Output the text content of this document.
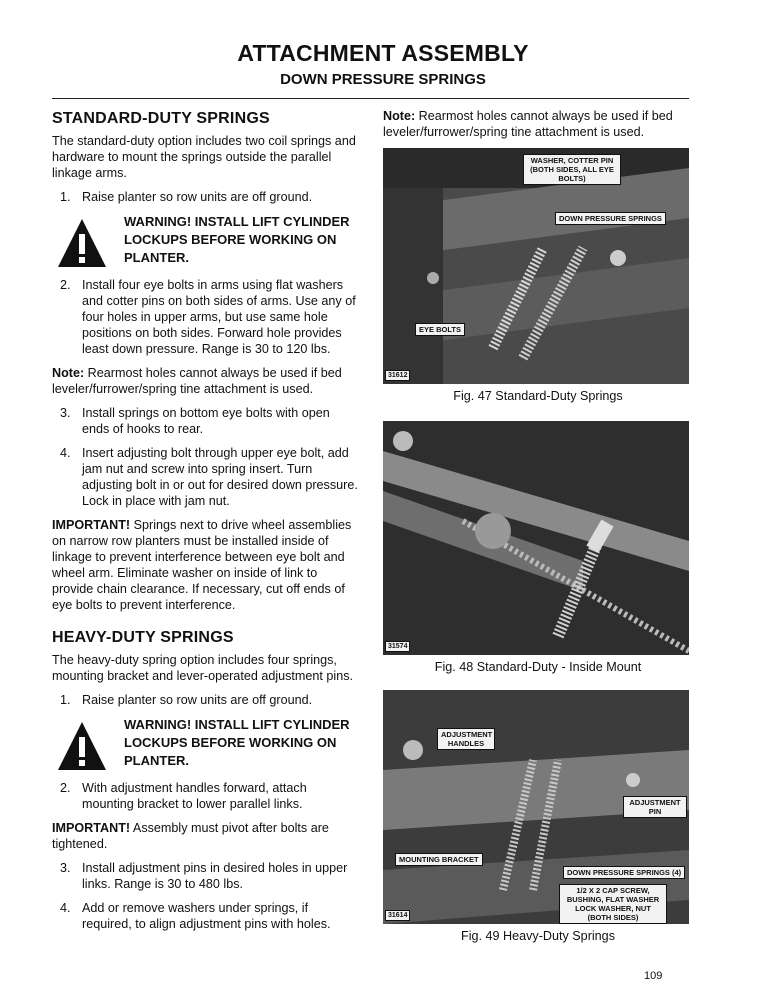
ATTACHMENT ASSEMBLY
DOWN PRESSURE SPRINGS
STANDARD-DUTY SPRINGS

The standard-duty option includes two coil springs and hardware to mount the springs outside the parallel linkage arms.

1. Raise planter so row units are off ground.
WARNING! INSTALL LIFT CYLINDER LOCKUPS BEFORE WORKING ON PLANTER.
2. Install four eye bolts in arms using flat washers and cotter pins on both sides of arms. Use any of four holes in upper arms, but use same hole positions on both sides. Forward hole provides least down pressure. Range is 30 to 120 lbs.

Note: Rearmost holes cannot always be used if bed leveler/furrower/spring tine attachment is used.

3. Install springs on bottom eye bolts with open ends of hooks to rear.
4. Insert adjusting bolt through upper eye bolt, add jam nut and screw into spring insert. Turn adjusting bolt in or out for desired down pressure. Lock in place with jam nut.

IMPORTANT! Springs next to drive wheel assemblies on narrow row planters must be installed inside of linkage to prevent interference between eye bolt and wheel arm. Eliminate washer on inside of link to provide chain clearance. If necessary, cut off ends of eye bolts to prevent interference.

HEAVY-DUTY SPRINGS

The heavy-duty spring option includes four springs, mounting bracket and lever-operated adjustment pins.

1. Raise planter so row units are off ground.
WARNING! INSTALL LIFT CYLINDER LOCKUPS BEFORE WORKING ON PLANTER.
2. With adjustment handles forward, attach mounting bracket to lower parallel links.

IMPORTANT! Assembly must pivot after bolts are tightened.

3. Install adjustment pins in desired holes in upper links. Range is 30 to 480 lbs.
4. Add or remove washers under springs, if required, to align adjustment pins with holes.

Note: Rearmost holes cannot always be used if bed leveler/furrower/spring tine attachment is used.

WASHER, COTTER PIN (BOTH SIDES, ALL EYE BOLTS)
DOWN PRESSURE SPRINGS
EYE BOLTS
31612
Fig. 47 Standard-Duty Springs
31574
Fig. 48 Standard-Duty - Inside Mount
ADJUSTMENT HANDLES
ADJUSTMENT PIN
MOUNTING BRACKET
DOWN PRESSURE SPRINGS (4)
1/2 X 2 CAP SCREW, BUSHING, FLAT WASHER LOCK WASHER, NUT (BOTH SIDES)
31614
Fig. 49 Heavy-Duty Springs
109
